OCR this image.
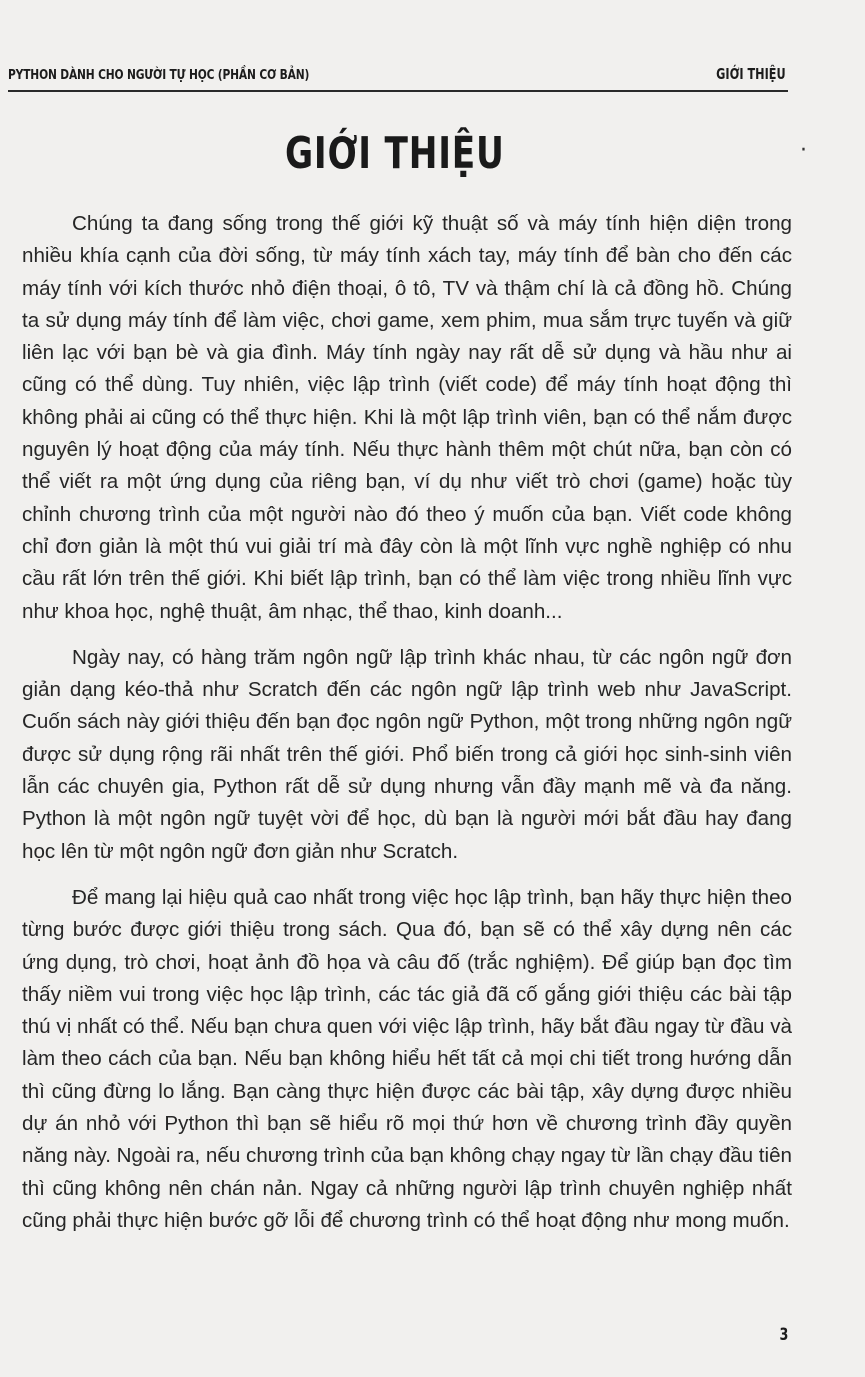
PYTHON DÀNH CHO NGƯỜI TỰ HỌC (PHẦN CƠ BẢN)	GIỚI THIỆU
GIỚI THIỆU	·

Chúng ta đang sống trong thế giới kỹ thuật số và máy tính hiện diện trong nhiều khía cạnh của đời sống, từ máy tính xách tay, máy tính để bàn cho đến các máy tính với kích thước nhỏ điện thoại, ô tô, TV và thậm chí là cả đồng hồ. Chúng ta sử dụng máy tính để làm việc, chơi game, xem phim, mua sắm trực tuyến và giữ liên lạc với bạn bè và gia đình. Máy tính ngày nay rất dễ sử dụng và hầu như ai cũng có thể dùng. Tuy nhiên, việc lập trình (viết code) để máy tính hoạt động thì không phải ai cũng có thể thực hiện. Khi là một lập trình viên, bạn có thể nắm được nguyên lý hoạt động của máy tính. Nếu thực hành thêm một chút nữa, bạn còn có thể viết ra một ứng dụng của riêng bạn, ví dụ như viết trò chơi (game) hoặc tùy chỉnh chương trình của một người nào đó theo ý muốn của bạn. Viết code không chỉ đơn giản là một thú vui giải trí mà đây còn là một lĩnh vực nghề nghiệp có nhu cầu rất lớn trên thế giới. Khi biết lập trình, bạn có thể làm việc trong nhiều lĩnh vực như khoa học, nghệ thuật, âm nhạc, thể thao, kinh doanh...

Ngày nay, có hàng trăm ngôn ngữ lập trình khác nhau, từ các ngôn ngữ đơn giản dạng kéo-thả như Scratch đến các ngôn ngữ lập trình web như JavaScript. Cuốn sách này giới thiệu đến bạn đọc ngôn ngữ Python, một trong những ngôn ngữ được sử dụng rộng rãi nhất trên thế giới. Phổ biến trong cả giới học sinh-sinh viên lẫn các chuyên gia, Python rất dễ sử dụng nhưng vẫn đầy mạnh mẽ và đa năng. Python là một ngôn ngữ tuyệt vời để học, dù bạn là người mới bắt đầu hay đang học lên từ một ngôn ngữ đơn giản như Scratch.

Để mang lại hiệu quả cao nhất trong việc học lập trình, bạn hãy thực hiện theo từng bước được giới thiệu trong sách. Qua đó, bạn sẽ có thể xây dựng nên các ứng dụng, trò chơi, hoạt ảnh đồ họa và câu đố (trắc nghiệm). Để giúp bạn đọc tìm thấy niềm vui trong việc học lập trình, các tác giả đã cố gắng giới thiệu các bài tập thú vị nhất có thể. Nếu bạn chưa quen với việc lập trình, hãy bắt đầu ngay từ đầu và làm theo cách của bạn. Nếu bạn không hiểu hết tất cả mọi chi tiết trong hướng dẫn thì cũng đừng lo lắng. Bạn càng thực hiện được các bài tập, xây dựng được nhiều dự án nhỏ với Python thì bạn sẽ hiểu rõ mọi thứ hơn về chương trình đầy quyền năng này. Ngoài ra, nếu chương trình của bạn không chạy ngay từ lần chạy đầu tiên thì cũng không nên chán nản. Ngay cả những người lập trình chuyên nghiệp nhất cũng phải thực hiện bước gỡ lỗi để chương trình có thể hoạt động như mong muốn.

3
